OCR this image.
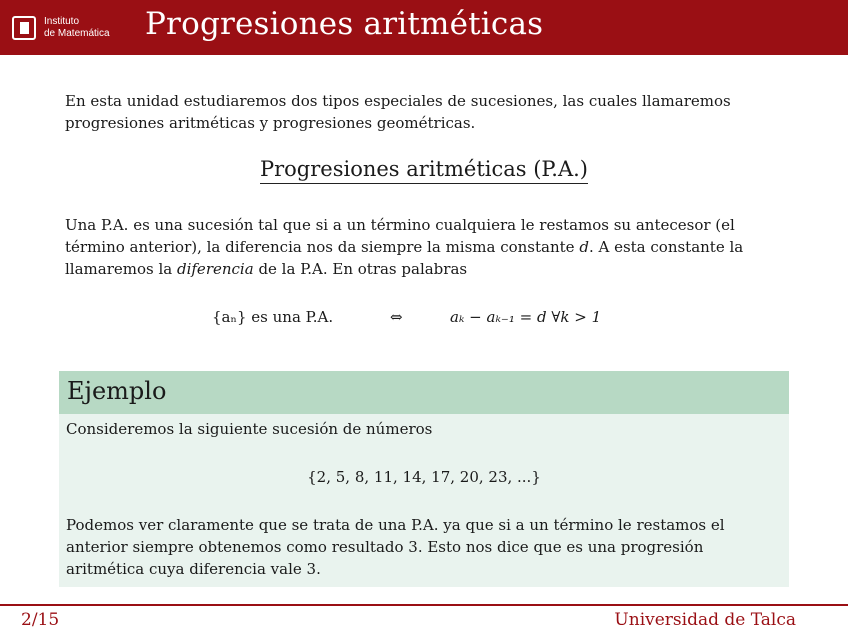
Instituto
de Matemática Progresiones aritméticas
En esta unidad estudiaremos dos tipos especiales de sucesiones, las cuales llamaremos progresiones aritméticas y progresiones geométricas.
Progresiones aritméticas (P.A.)
Una P.A. es una sucesión tal que si a un término cualquiera le restamos su antecesor (el término anterior), la diferencia nos da siempre la misma constante d. A esta constante la llamaremos la diferencia de la P.A. En otras palabras
{aₙ} es una P.A.	⇔	aₖ − aₖ₋₁ = d ∀k > 1
Ejemplo
Consideremos la siguiente sucesión de números
{2, 5, 8, 11, 14, 17, 20, 23, ...}
Podemos ver claramente que se trata de una P.A. ya que si a un término le restamos el anterior siempre obtenemos como resultado 3. Esto nos dice que es una progresión aritmética cuya diferencia vale 3.
2/15	Universidad de Talca
